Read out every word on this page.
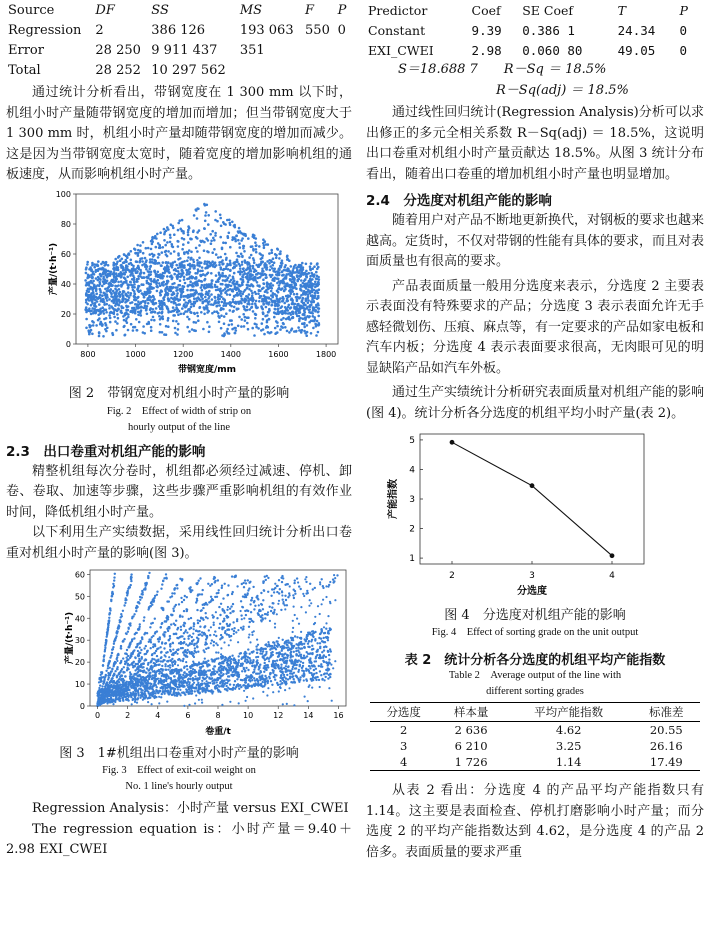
Source	DF	SS	MS	F	P
Regression	2	386 126	193 063	550	0
Error	28 250	9 911 437	351		
Total	28 252	10 297 562			

通过统计分析看出，带钢宽度在 1 300 mm 以下时，机组小时产量随带钢宽度的增加而增加；但当带钢宽度大于 1 300 mm 时，机组小时产量却随带钢宽度的增加而减少。这是因为当带钢宽度太宽时，随着宽度的增加影响机组的通板速度，从而影响机组小时产量。

800	1000	1200	1400	1600	1800
0
20
40
60
80
100
带钢宽度/mm
产量/(t·h⁻¹)

图 2　带钢宽度对机组小时产量的影响

Fig. 2　Effect of width of strip on

hourly output of the line

2.3　出口卷重对机组产能的影响

精整机组每次分卷时，机组都必须经过减速、停机、卸卷、卷取、加速等步骤，这些步骤严重影响机组的有效作业时间，降低机组小时产量。

以下利用生产实绩数据，采用线性回归统计分析出口卷重对机组小时产量的影响(图 3)。

0	2	4	6	8	10 12 14 16
0
10
20
30
40
50
60
卷重/t
产量/(t·h⁻¹)

图 3　1#机组出口卷重对小时产量的影响

Fig. 3　Effect of exit-coil weight on

No. 1 line's hourly output

Regression Analysis：小时产量 versus EXI_CWEI

The regression equation is：小时产量＝9.40＋2.98 EXI_CWEI

Predictor	Coef	SE Coef	T	P
Constant	9.39	0.386 1	24.34	0
EXI_CWEI	2.98	0.060 80	49.05	0

S＝18.688 7　　R－Sq ＝ 18.5%

R－Sq(adj) ＝ 18.5%

通过线性回归统计(Regression Analysis)分析可以求出修正的多元全相关系数 R－Sq(adj) ＝ 18.5%，这说明出口卷重对机组小时产量贡献达 18.5%。从图 3 统计分布看出，随着出口卷重的增加机组小时产量也明显增加。

2.4　分选度对机组产能的影响

随着用户对产品不断地更新换代，对钢板的要求也越来越高。定货时，不仅对带钢的性能有具体的要求，而且对表面质量也有很高的要求。

产品表面质量一般用分选度来表示，分选度 2 主要表示表面没有特殊要求的产品；分选度 3 表示表面允许无手感轻微划伤、压痕、麻点等，有一定要求的产品如家电板和汽车内板；分选度 4 表示表面要求很高，无肉眼可见的明显缺陷产品如汽车外板。

通过生产实绩统计分析研究表面质量对机组产能的影响(图 4)。统计分析各分选度的机组平均小时产量(表 2)。

2	3	4
1
2
3
4
5
分选度
产能指数

图 4　分选度对机组产能的影响

Fig. 4　Effect of sorting grade on the unit output

表 2　统计分析各分选度的机组平均产能指数

Table 2　Average output of the line with

different sorting grades

分选度	样本量	平均产能指数	标准差
2	2 636	4.62	20.55
3	6 210	3.25	26.16
4	1 726	1.14	17.49

从表 2 看出：分选度 4 的产品平均产能指数只有 1.14。这主要是表面检查、停机打磨影响小时产量；而分选度 2 的平均产能指数达到 4.62，是分选度 4 的产品 2 倍多。表面质量的要求严重
